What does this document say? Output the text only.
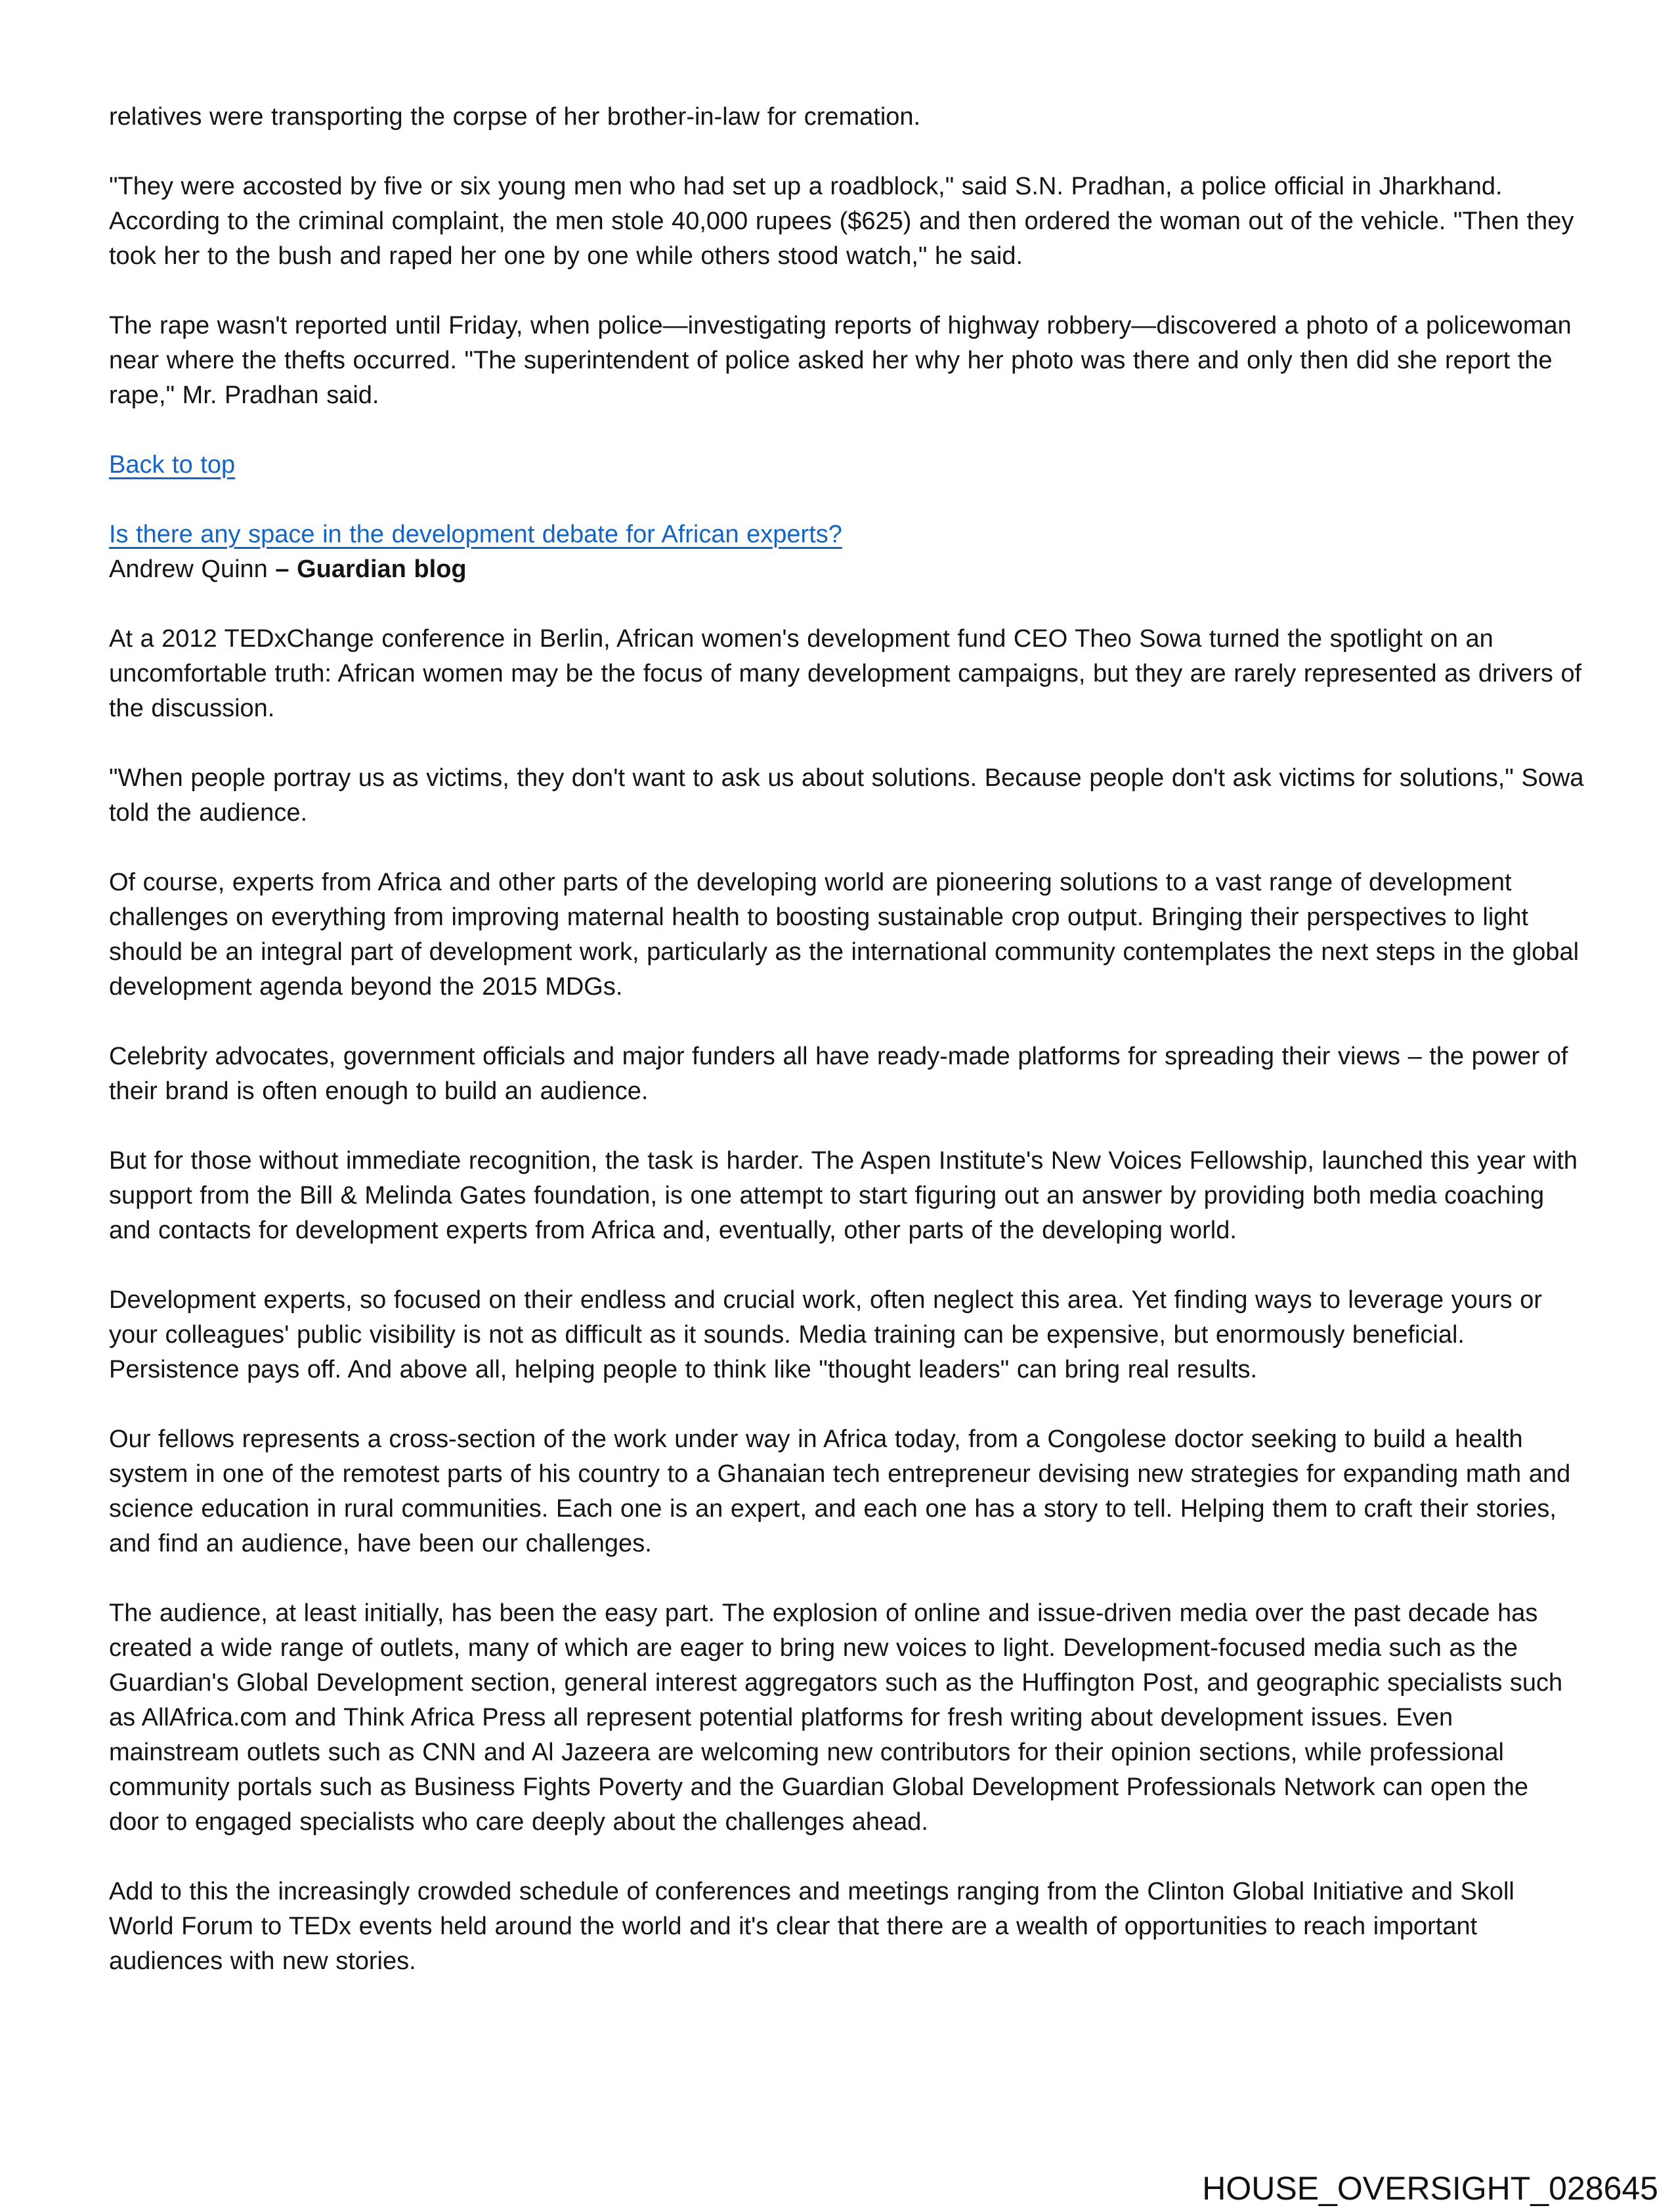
relatives were transporting the corpse of her brother-in-law for cremation.

"They were accosted by five or six young men who had set up a roadblock," said S.N. Pradhan, a police official in Jharkhand. According to the criminal complaint, the men stole 40,000 rupees ($625) and then ordered the woman out of the vehicle. "Then they took her to the bush and raped her one by one while others stood watch," he said.

The rape wasn't reported until Friday, when police—investigating reports of highway robbery—discovered a photo of a policewoman near where the thefts occurred. "The superintendent of police asked her why her photo was there and only then did she report the rape," Mr. Pradhan said.

Back to top

Is there any space in the development debate for African experts?

Andrew Quinn – Guardian blog

At a 2012 TEDxChange conference in Berlin, African women's development fund CEO Theo Sowa turned the spotlight on an uncomfortable truth: African women may be the focus of many development campaigns, but they are rarely represented as drivers of the discussion.

"When people portray us as victims, they don't want to ask us about solutions. Because people don't ask victims for solutions," Sowa told the audience.

Of course, experts from Africa and other parts of the developing world are pioneering solutions to a vast range of development challenges on everything from improving maternal health to boosting sustainable crop output. Bringing their perspectives to light should be an integral part of development work, particularly as the international community contemplates the next steps in the global development agenda beyond the 2015 MDGs.

Celebrity advocates, government officials and major funders all have ready-made platforms for spreading their views – the power of their brand is often enough to build an audience.

But for those without immediate recognition, the task is harder. The Aspen Institute's New Voices Fellowship, launched this year with support from the Bill & Melinda Gates foundation, is one attempt to start figuring out an answer by providing both media coaching and contacts for development experts from Africa and, eventually, other parts of the developing world.

Development experts, so focused on their endless and crucial work, often neglect this area. Yet finding ways to leverage yours or your colleagues' public visibility is not as difficult as it sounds. Media training can be expensive, but enormously beneficial. Persistence pays off. And above all, helping people to think like "thought leaders" can bring real results.

Our fellows represents a cross-section of the work under way in Africa today, from a Congolese doctor seeking to build a health system in one of the remotest parts of his country to a Ghanaian tech entrepreneur devising new strategies for expanding math and science education in rural communities. Each one is an expert, and each one has a story to tell. Helping them to craft their stories, and find an audience, have been our challenges.

The audience, at least initially, has been the easy part. The explosion of online and issue-driven media over the past decade has created a wide range of outlets, many of which are eager to bring new voices to light. Development-focused media such as the Guardian's Global Development section, general interest aggregators such as the Huffington Post, and geographic specialists such as AllAfrica.com and Think Africa Press all represent potential platforms for fresh writing about development issues. Even mainstream outlets such as CNN and Al Jazeera are welcoming new contributors for their opinion sections, while professional community portals such as Business Fights Poverty and the Guardian Global Development Professionals Network can open the door to engaged specialists who care deeply about the challenges ahead.

Add to this the increasingly crowded schedule of conferences and meetings ranging from the Clinton Global Initiative and Skoll World Forum to TEDx events held around the world and it's clear that there are a wealth of opportunities to reach important audiences with new stories.

HOUSE_OVERSIGHT_028645
